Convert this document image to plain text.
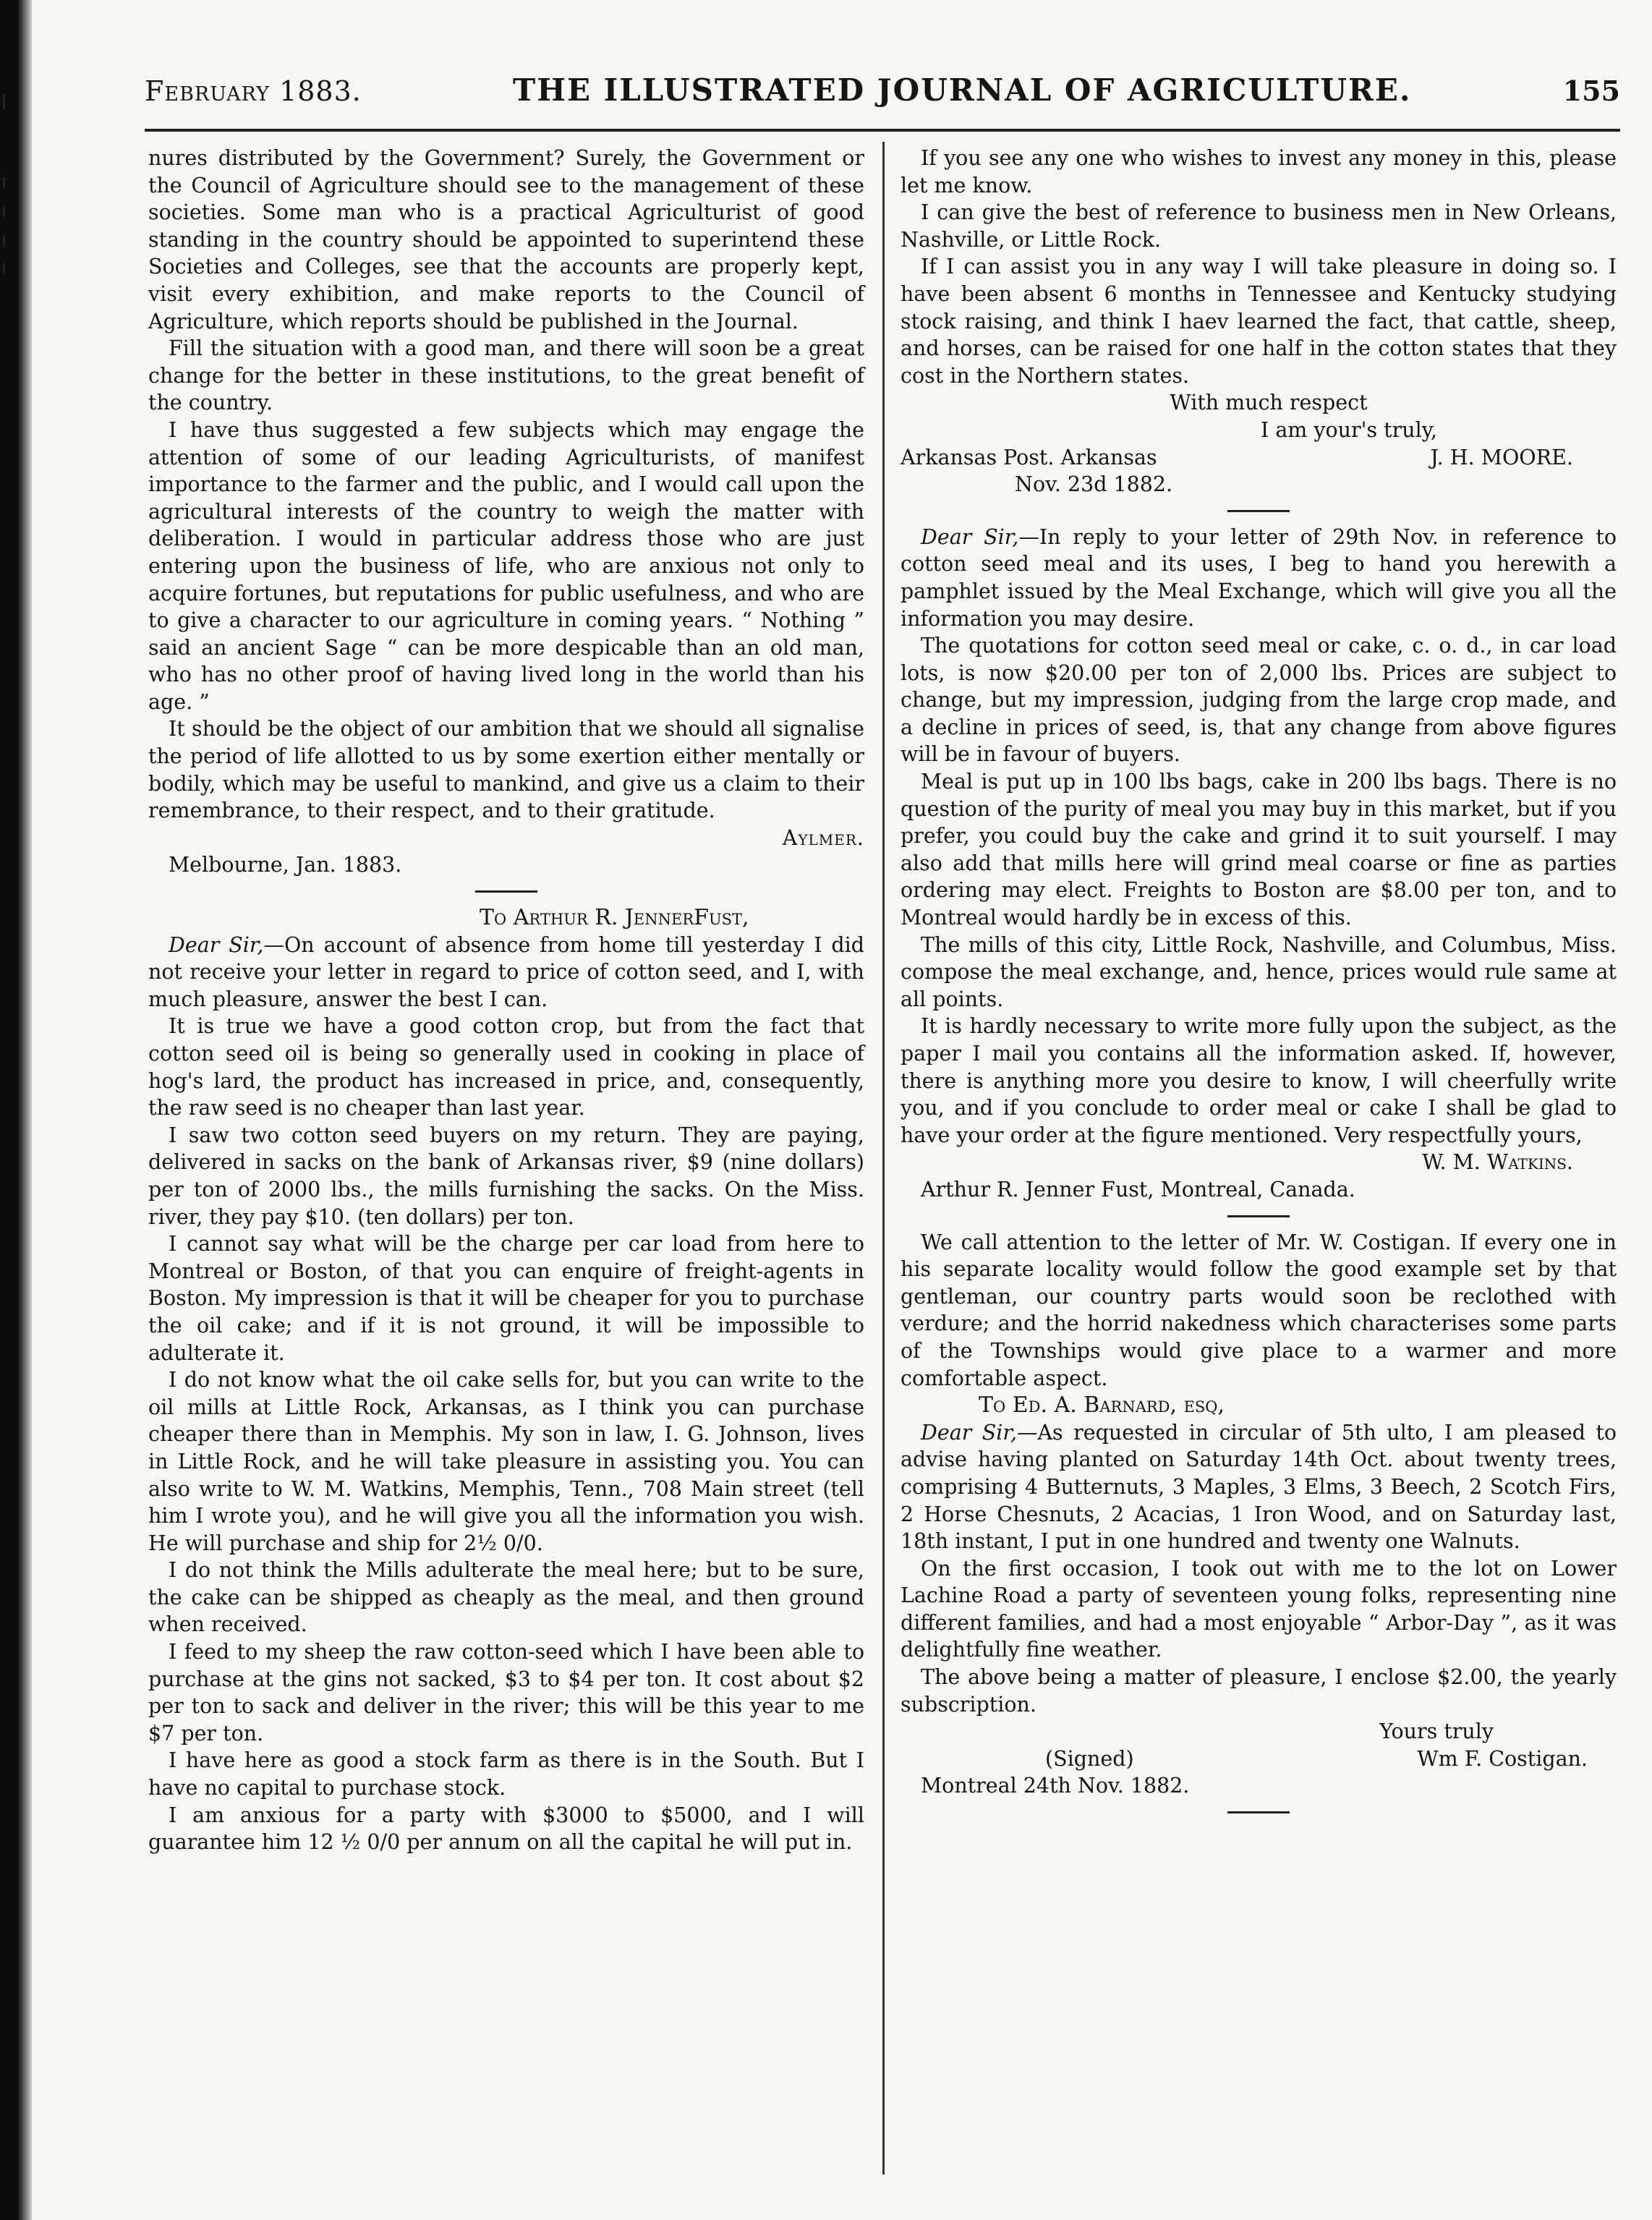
February 1883.	THE ILLUSTRATED JOURNAL OF AGRICULTURE.	155

nures distributed by the Government? Surely, the Government or the Council of Agriculture should see to the management of these societies. Some man who is a practical Agriculturist of good standing in the country should be appointed to superintend these Societies and Colleges, see that the accounts are properly kept, visit every exhibition, and make reports to the Council of Agriculture, which reports should be published in the Journal.

Fill the situation with a good man, and there will soon be a great change for the better in these institutions, to the great benefit of the country.

I have thus suggested a few subjects which may engage the attention of some of our leading Agriculturists, of manifest importance to the farmer and the public, and I would call upon the agricultural interests of the country to weigh the matter with deliberation. I would in particular address those who are just entering upon the business of life, who are anxious not only to acquire fortunes, but reputations for public usefulness, and who are to give a character to our agriculture in coming years. “ Nothing ” said an ancient Sage “ can be more despicable than an old man, who has no other proof of having lived long in the world than his age. ”

It should be the object of our ambition that we should all signalise the period of life allotted to us by some exertion either mentally or bodily, which may be useful to mankind, and give us a claim to their remembrance, to their respect, and to their gratitude.

Aylmer.

Melbourne, Jan. 1883.

To Arthur R. JennerFust,

Dear Sir,—On account of absence from home till yesterday I did not receive your letter in regard to price of cotton seed, and I, with much pleasure, answer the best I can.

It is true we have a good cotton crop, but from the fact that cotton seed oil is being so generally used in cooking in place of hog's lard, the product has increased in price, and, consequently, the raw seed is no cheaper than last year.

I saw two cotton seed buyers on my return. They are paying, delivered in sacks on the bank of Arkansas river, $9 (nine dollars) per ton of 2000 lbs., the mills furnishing the sacks. On the Miss. river, they pay $10. (ten dollars) per ton.

I cannot say what will be the charge per car load from here to Montreal or Boston, of that you can enquire of freight-agents in Boston. My impression is that it will be cheaper for you to purchase the oil cake; and if it is not ground, it will be impossible to adulterate it.

I do not know what the oil cake sells for, but you can write to the oil mills at Little Rock, Arkansas, as I think you can purchase cheaper there than in Memphis. My son in law, I. G. Johnson, lives in Little Rock, and he will take pleasure in assisting you. You can also write to W. M. Watkins, Memphis, Tenn., 708 Main street (tell him I wrote you), and he will give you all the information you wish. He will purchase and ship for 2½ 0/0.

I do not think the Mills adulterate the meal here; but to be sure, the cake can be shipped as cheaply as the meal, and then ground when received.

I feed to my sheep the raw cotton-seed which I have been able to purchase at the gins not sacked, $3 to $4 per ton. It cost about $2 per ton to sack and deliver in the river; this will be this year to me $7 per ton.

I have here as good a stock farm as there is in the South. But I have no capital to purchase stock.

I am anxious for a party with $3000 to $5000, and I will guarantee him 12 ½ 0/0 per annum on all the capital he will put in.

If you see any one who wishes to invest any money in this, please let me know.

I can give the best of reference to business men in New Orleans, Nashville, or Little Rock.

If I can assist you in any way I will take pleasure in doing so. I have been absent 6 months in Tennessee and Kentucky studying stock raising, and think I haev learned the fact, that cattle, sheep, and horses, can be raised for one half in the cotton states that they cost in the Northern states.

With much respect

I am your's truly,

Arkansas Post. Arkansas	J. H. MOORE.

Nov. 23d 1882.

Dear Sir,—In reply to your letter of 29th Nov. in reference to cotton seed meal and its uses, I beg to hand you herewith a pamphlet issued by the Meal Exchange, which will give you all the information you may desire.

The quotations for cotton seed meal or cake, c. o. d., in car load lots, is now $20.00 per ton of 2,000 lbs. Prices are subject to change, but my impression, judging from the large crop made, and a decline in prices of seed, is, that any change from above figures will be in favour of buyers.

Meal is put up in 100 lbs bags, cake in 200 lbs bags. There is no question of the purity of meal you may buy in this market, but if you prefer, you could buy the cake and grind it to suit yourself. I may also add that mills here will grind meal coarse or fine as parties ordering may elect. Freights to Boston are $8.00 per ton, and to Montreal would hardly be in excess of this.

The mills of this city, Little Rock, Nashville, and Columbus, Miss. compose the meal exchange, and, hence, prices would rule same at all points.

It is hardly necessary to write more fully upon the subject, as the paper I mail you contains all the information asked. If, however, there is anything more you desire to know, I will cheerfully write you, and if you conclude to order meal or cake I shall be glad to have your order at the figure mentioned. Very respectfully yours,

W. M. Watkins.

Arthur R. Jenner Fust, Montreal, Canada.

We call attention to the letter of Mr. W. Costigan. If every one in his separate locality would follow the good example set by that gentleman, our country parts would soon be reclothed with verdure; and the horrid nakedness which characterises some parts of the Townships would give place to a warmer and more comfortable aspect.

To Ed. A. Barnard, esq,

Dear Sir,—As requested in circular of 5th ulto, I am pleased to advise having planted on Saturday 14th Oct. about twenty trees, comprising 4 Butternuts, 3 Maples, 3 Elms, 3 Beech, 2 Scotch Firs, 2 Horse Chesnuts, 2 Acacias, 1 Iron Wood, and on Saturday last, 18th instant, I put in one hundred and twenty one Walnuts.

On the first occasion, I took out with me to the lot on Lower Lachine Road a party of seventeen young folks, representing nine different families, and had a most enjoyable “ Arbor-Day ”, as it was delightfully fine weather.

The above being a matter of pleasure, I enclose $2.00, the yearly subscription.

Yours truly

(Signed)	Wm F. Costigan.

Montreal 24th Nov. 1882.
